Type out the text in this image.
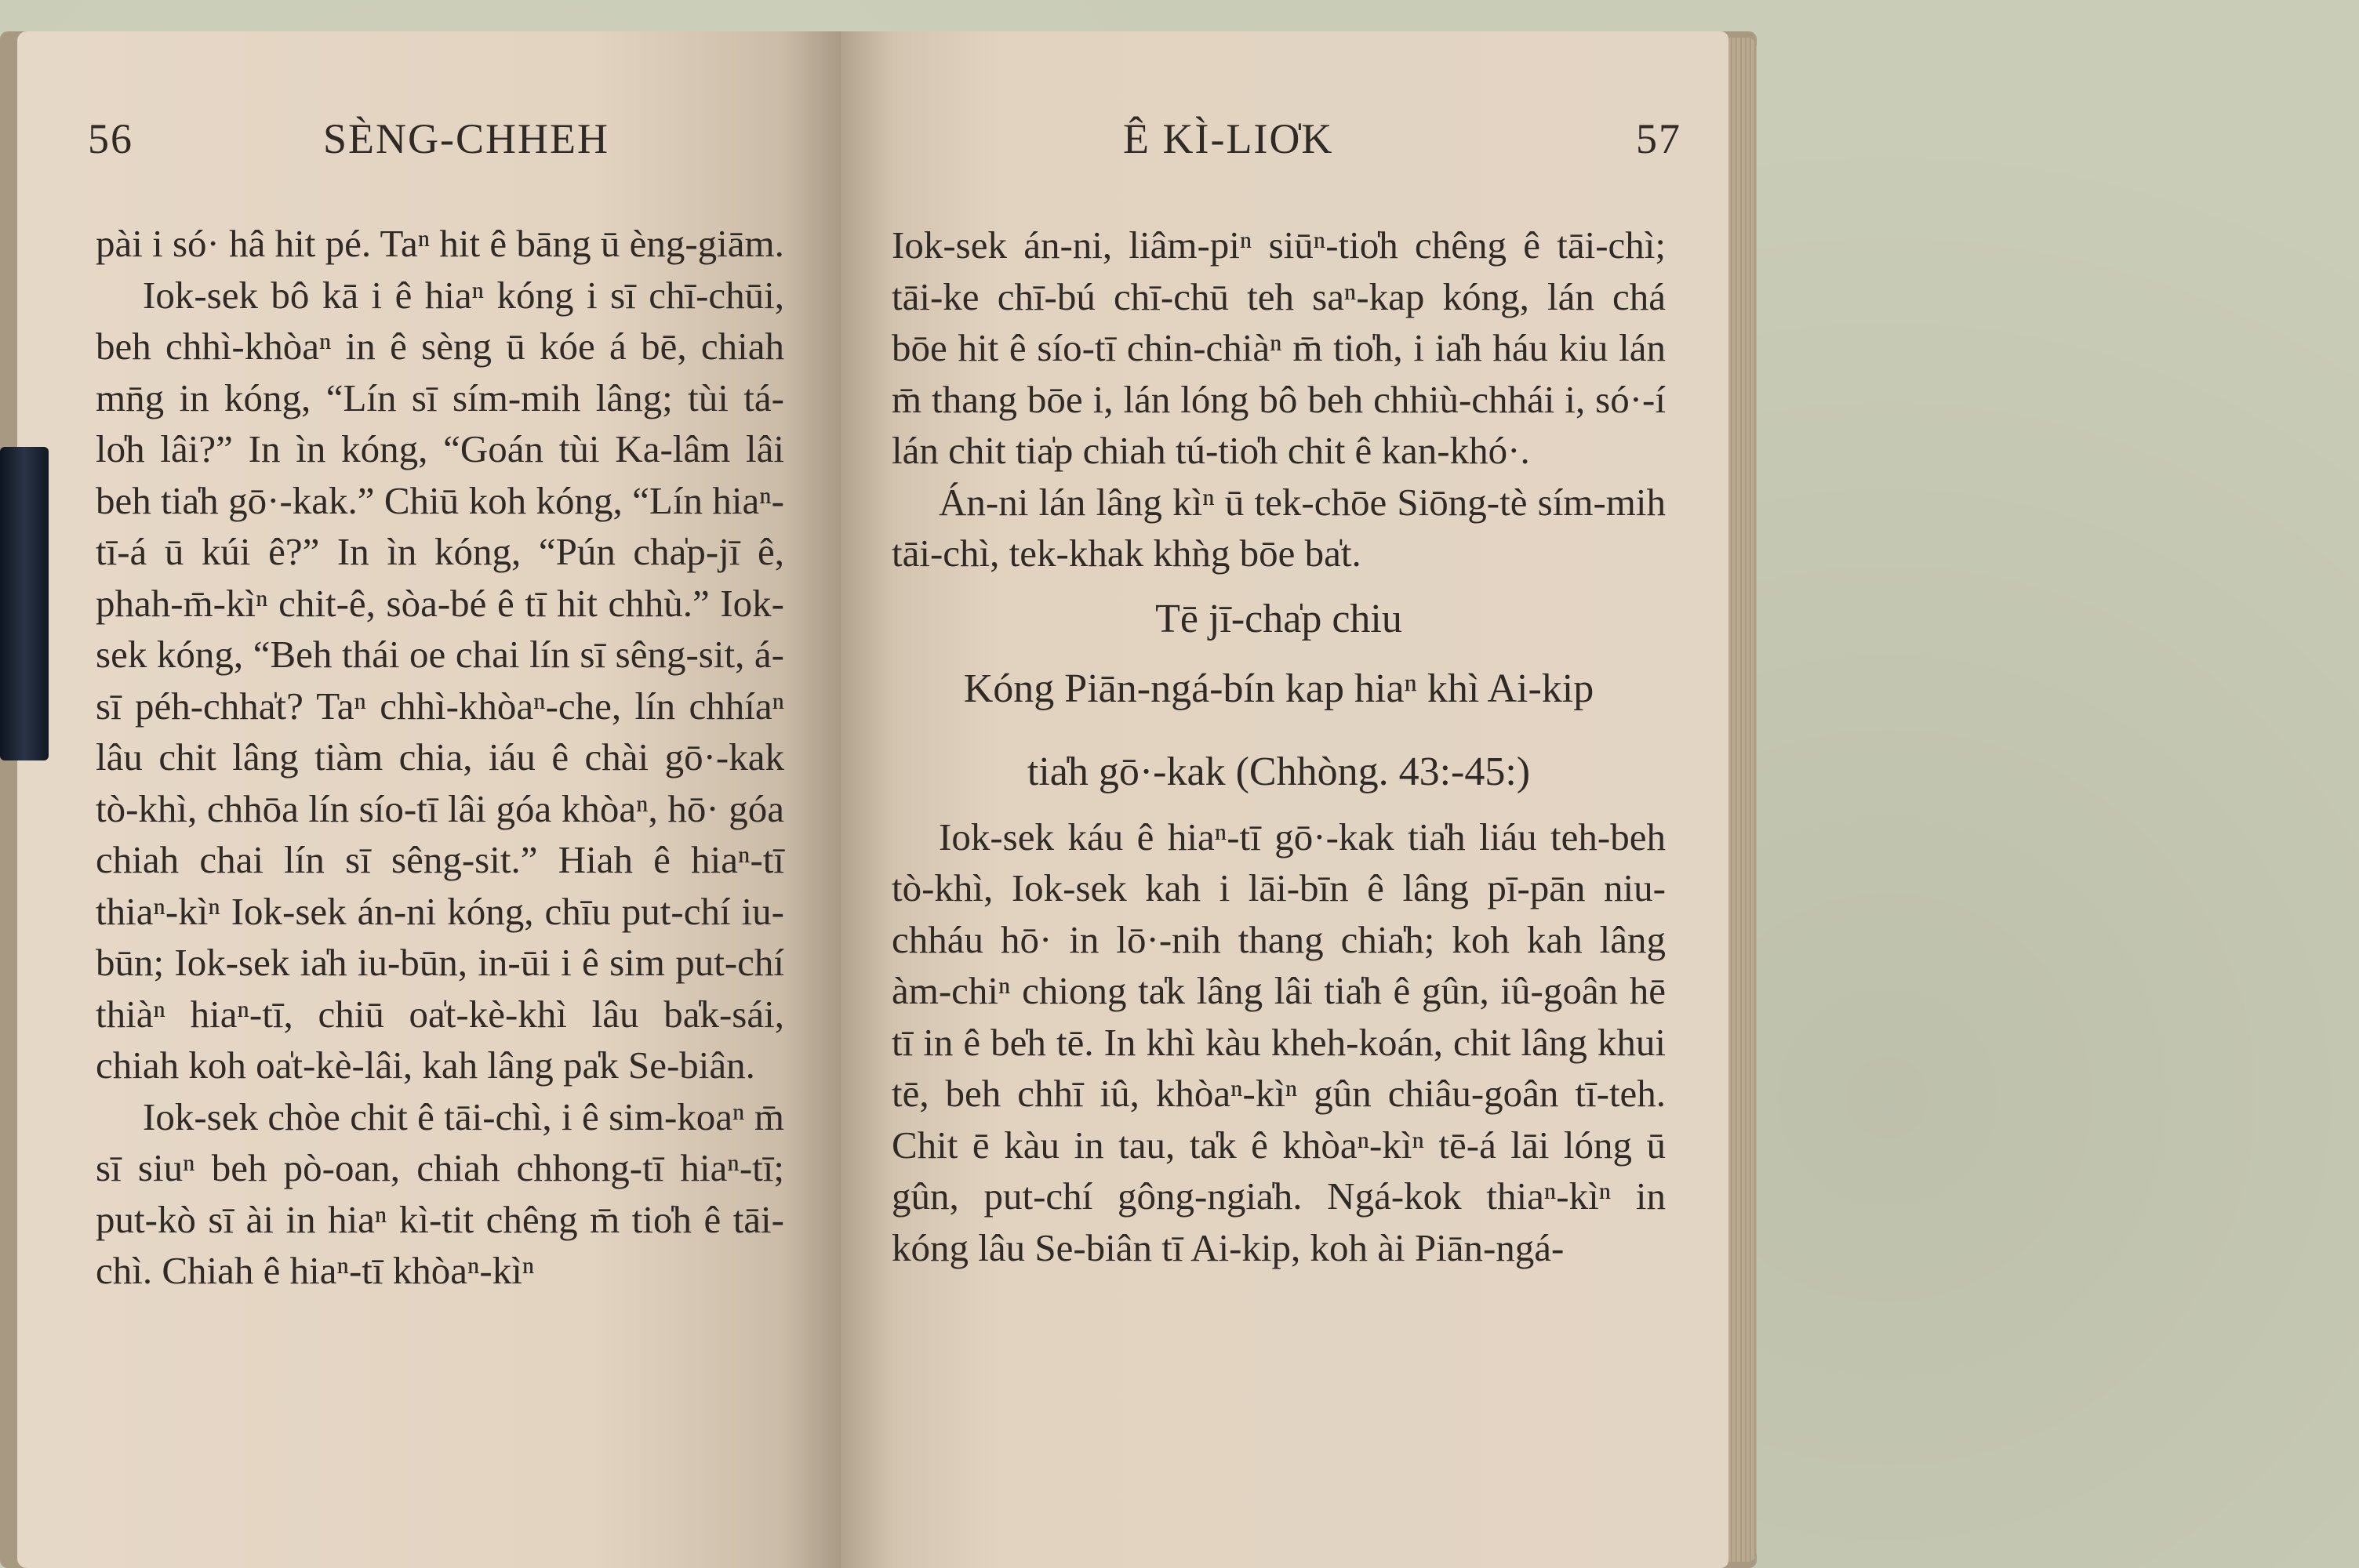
56	SÈNG-CHHEH

pài i só· hâ hit pé. Taⁿ hit ê bāng ū èng-giām.

Iok-sek bô kā i ê hiaⁿ kóng i sī chī-chūi, beh chhì-khòaⁿ in ê sèng ū kóe á bē, chiah mn̄g in kóng, “Lín sī sím-mih lâng; tùi tá-lo̍h lâi?” In ìn kóng, “Goán tùi Ka-lâm lâi beh tia̍h gō·-kak.” Chiū koh kóng, “Lín hiaⁿ-tī-á ū kúi ê?” In ìn kóng, “Pún cha̍p-jī ê, phah-m̄-kìⁿ chit-ê, sòa-bé ê tī hit chhù.” Iok-sek kóng, “Beh thái oe chai lín sī sêng-sit, á-sī péh-chha̍t? Taⁿ chhì-khòaⁿ-che, lín chhíaⁿ lâu chit lâng tiàm chia, iáu ê chài gō·-kak tò-khì, chhōa lín sío-tī lâi góa khòaⁿ, hō· góa chiah chai lín sī sêng-sit.” Hiah ê hiaⁿ-tī thiaⁿ-kìⁿ Iok-sek án-ni kóng, chīu put-chí iu-būn; Iok-sek ia̍h iu-būn, in-ūi i ê sim put-chí thiàⁿ hiaⁿ-tī, chiū oa̍t-kè-khì lâu ba̍k-sái, chiah koh oa̍t-kè-lâi, kah lâng pa̍k Se-biân.

Iok-sek chòe chit ê tāi-chì, i ê sim-koaⁿ m̄ sī siuⁿ beh pò-oan, chiah chhong-tī hiaⁿ-tī; put-kò sī ài in hiaⁿ kì-tit chêng m̄ tio̍h ê tāi-chì. Chiah ê hiaⁿ-tī khòaⁿ-kìⁿ

Ê KÌ-LIO̍K	57

Iok-sek án-ni, liâm-piⁿ siūⁿ-tio̍h chêng ê tāi-chì; tāi-ke chī-bú chī-chū teh saⁿ-kap kóng, lán chá bōe hit ê sío-tī chin-chiàⁿ m̄ tio̍h, i ia̍h háu kiu lán m̄ thang bōe i, lán lóng bô beh chhiù-chhái i, só·-í lán chit tia̍p chiah tú-tio̍h chit ê kan-khó·.

Án-ni lán lâng kìⁿ ū tek-chōe Siōng-tè sím-mih tāi-chì, tek-khak khǹg bōe ba̍t.

Tē jī-cha̍p chiu
Kóng Piān-ngá-bín kap hiaⁿ khì Ai-kip
tia̍h gō·-kak (Chhòng. 43:-45:)

Iok-sek káu ê hiaⁿ-tī gō·-kak tia̍h liáu teh-beh tò-khì, Iok-sek kah i lāi-bīn ê lâng pī-pān niu-chháu hō· in lō·-nih thang chia̍h; koh kah lâng àm-chiⁿ chiong ta̍k lâng lâi tia̍h ê gûn, iû-goân hē tī in ê be̍h tē. In khì kàu kheh-koán, chit lâng khui tē, beh chhī iû, khòaⁿ-kìⁿ gûn chiâu-goân tī-teh. Chit ē kàu in tau, ta̍k ê khòaⁿ-kìⁿ tē-á lāi lóng ū gûn, put-chí gông-ngia̍h. Ngá-kok thiaⁿ-kìⁿ in kóng lâu Se-biân tī Ai-kip, koh ài Piān-ngá-
